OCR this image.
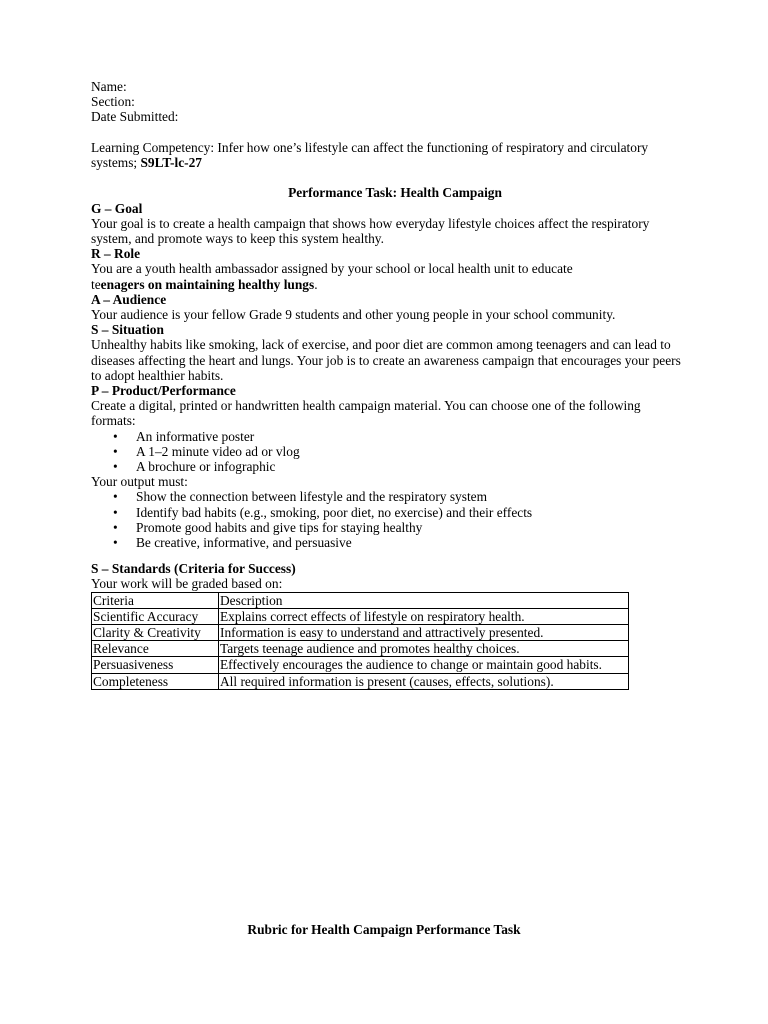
Name:
Section:
Date Submitted:
Learning Competency: Infer how one’s lifestyle can affect the functioning of respiratory and circulatory systems; S9LT-lc-27
Performance Task: Health Campaign
G – Goal
Your goal is to create a health campaign that shows how everyday lifestyle choices affect the respiratory system, and promote ways to keep this system healthy.
R – Role
You are a youth health ambassador assigned by your school or local health unit to educate
teenagers on maintaining healthy lungs.
A – Audience
Your audience is your fellow Grade 9 students and other young people in your school community.
S – Situation
Unhealthy habits like smoking, lack of exercise, and poor diet are common among teenagers and can lead to diseases affecting the heart and lungs. Your job is to create an awareness campaign that encourages your peers to adopt healthier habits.
P – Product/Performance
Create a digital, printed or handwritten health campaign material. You can choose one of the following formats:
• An informative poster
• A 1–2 minute video ad or vlog
• A brochure or infographic
Your output must:
• Show the connection between lifestyle and the respiratory system
• Identify bad habits (e.g., smoking, poor diet, no exercise) and their effects
• Promote good habits and give tips for staying healthy
• Be creative, informative, and persuasive
S – Standards (Criteria for Success)
Your work will be graded based on:
Criteria	Description
Scientific Accuracy	Explains correct effects of lifestyle on respiratory health.
Clarity & Creativity	Information is easy to understand and attractively presented.
Relevance	Targets teenage audience and promotes healthy choices.
Persuasiveness	Effectively encourages the audience to change or maintain good habits.
Completeness	All required information is present (causes, effects, solutions).
Rubric for Health Campaign Performance Task
